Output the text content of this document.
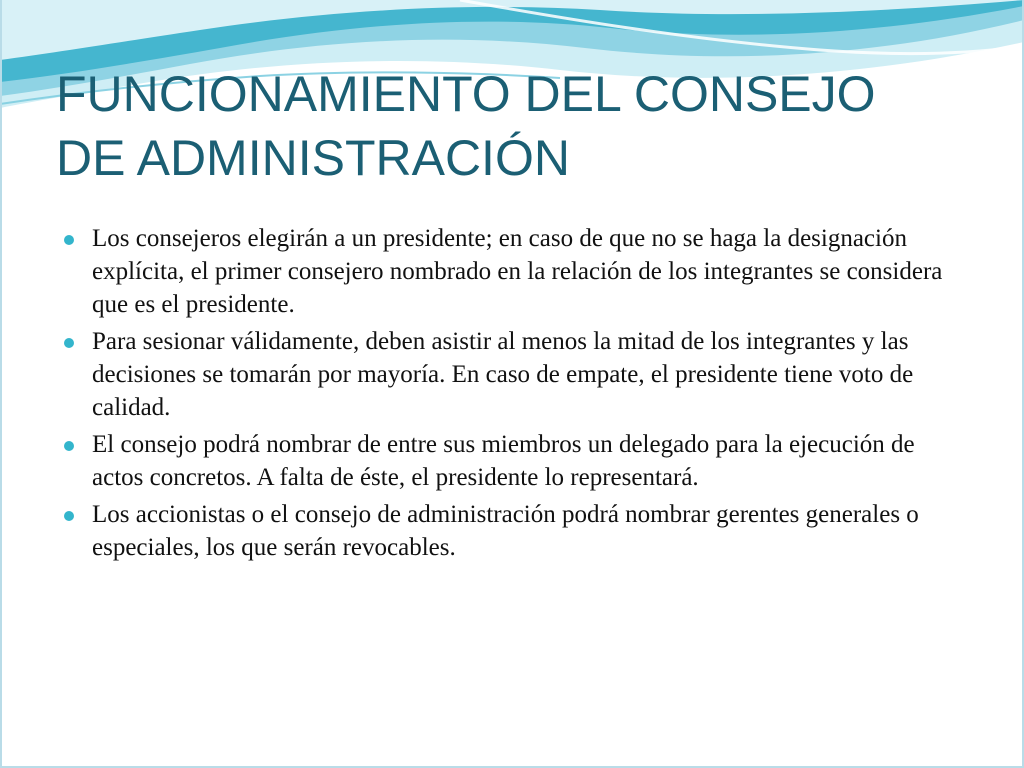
FUNCIONAMIENTO DEL CONSEJO
DE ADMINISTRACIÓN
Los consejeros elegirán a un presidente; en caso de que no se haga la designación explícita, el primer consejero nombrado en la relación de los integrantes se considera que es el presidente.
Para sesionar válidamente, deben asistir al menos la mitad de los integrantes y las decisiones se tomarán por mayoría. En caso de empate, el presidente tiene voto de calidad.
El consejo podrá nombrar de entre sus miembros un delegado para la ejecución de actos concretos. A falta de éste, el presidente lo representará.
Los accionistas o el consejo de administración podrá nombrar gerentes generales o especiales, los que serán revocables.
